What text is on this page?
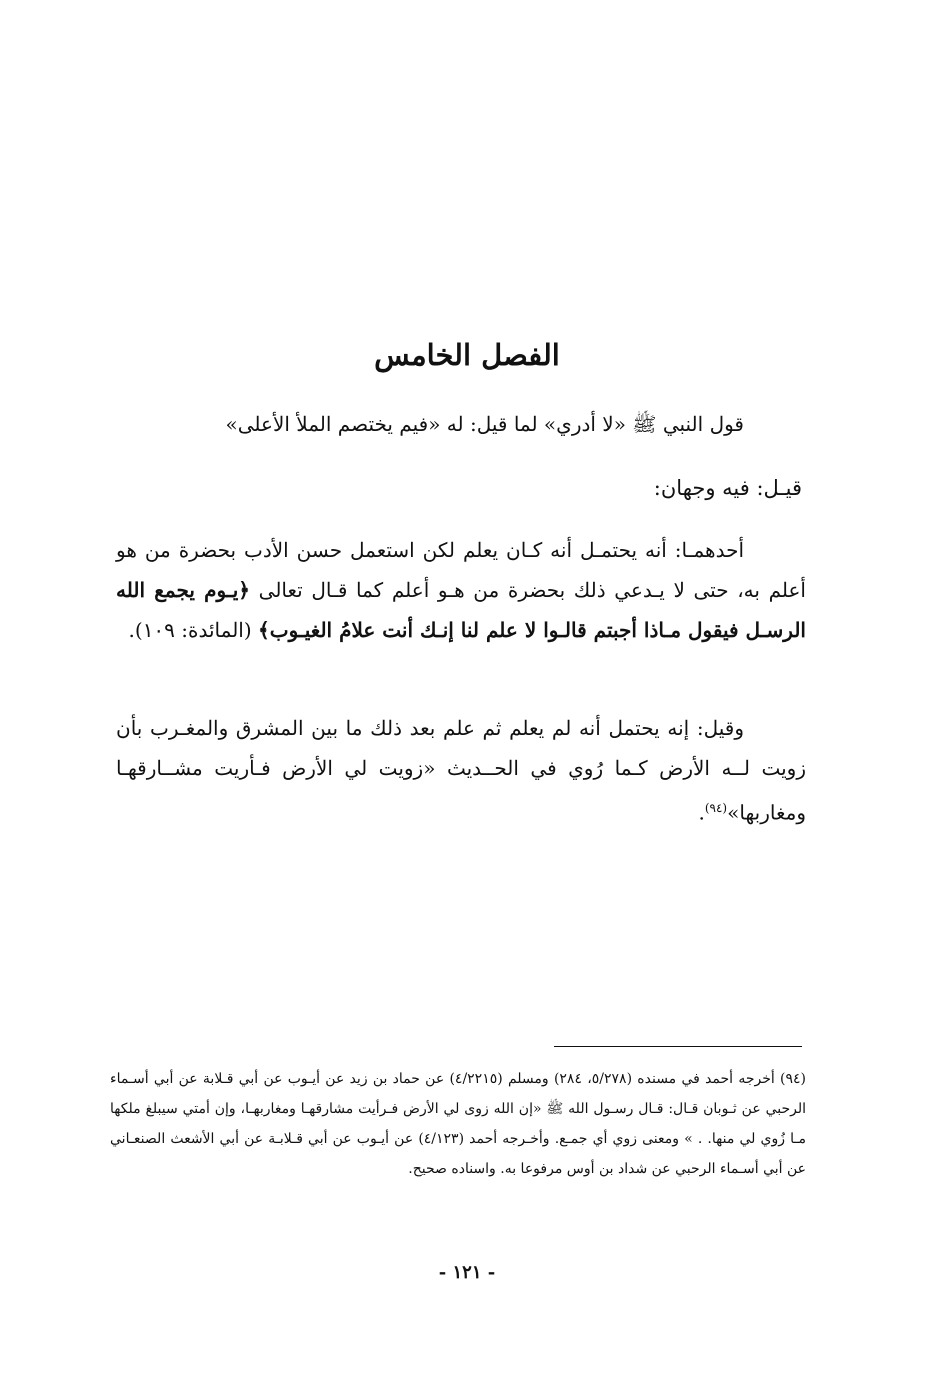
الفصل الخامس

قول النبي ﷺ «لا أدري» لما قيل: له «فيم يختصم الملأ الأعلى»

قيـل: فيه وجهان:

أحدهمـا: أنه يحتمـل أنه كـان يعلم لكن استعمل حسن الأدب بحضرة من هو أعلم به، حتى لا يـدعي ذلك بحضرة من هـو أعلم كما قـال تعالى ﴿يـوم يجمع الله الرسـل فيقول مـاذا أجبتم قالـوا لا علم لنا إنـك أنت علامُ الغيـوب﴾ (المائدة: ١٠٩).

وقيل: إنه يحتمل أنه لم يعلم ثم علم بعد ذلك ما بين المشرق والمغـرب بأن زويت لــه الأرض كـما رُوي في الحــديث «زويت لي الأرض فـأريت مشــارقهـا ومغاربها»$^{(٩٤)}$.

(٩٤) أخرجه أحمد في مسنده (٥/٢٧٨، ٢٨٤) ومسلم (٤/٢٢١٥) عن حماد بن زيد عن أيـوب عن أبي قـلابة عن أبي أسـماء الرحبي عن ثـوبان قـال: قـال رسـول الله ﷺ «إن الله زوى لي الأرض فـرأيت مشارقهـا ومغاربهـا، وإن أمتي سيبلغ ملكها مـا زُوي لي منها. . » ومعنى زوي أي جمـع. وأخـرجه أحمد (٤/١٢٣) عن أيـوب عن أبي قـلابـة عن أبي الأشعث الصنعـاني عن أبي أسـماء الرحبي عن شداد بن أوس مرفوعا به. واسناده صحيح.

- ١٢١ -
